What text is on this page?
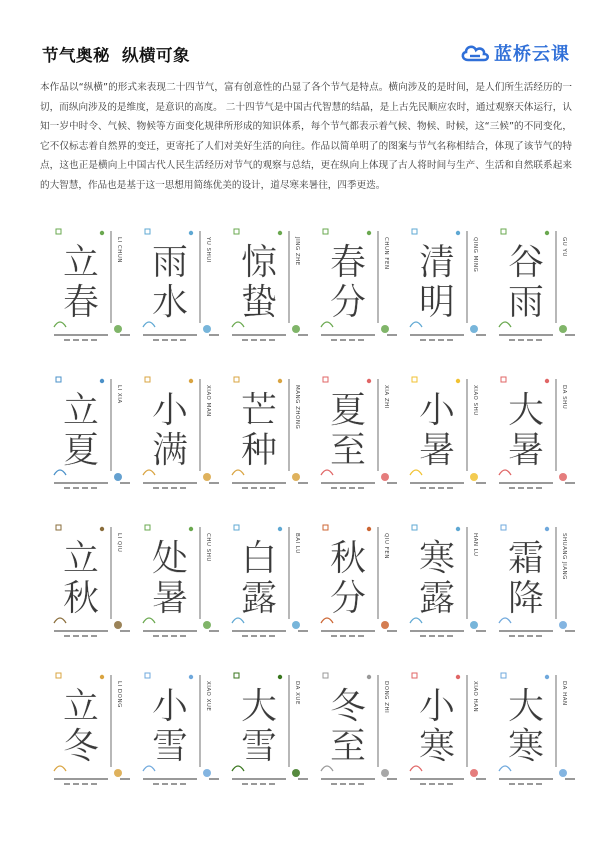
节气奥秘 纵横可象	蓝桥云课
本作品以“纵横”的形式来表现二十四节气，富有创意性的凸显了各个节气是特点。横向涉及的是时间，是人们所生活经历的一切，而纵向涉及的是维度，是意识的高度。 二十四节气是中国古代智慧的结晶，是上古先民顺应农时，通过观察天体运行，认知一岁中时令、气候、物候等方面变化规律所形成的知识体系，每个节气都表示着气候、物候、时候，这“三候”的不同变化，它不仅标志着自然界的变迁，更寄托了人们对美好生活的向往。作品以简单明了的图案与节气名称相结合，体现了该节气的特点，这也正是横向上中国古代人民生活经历对节气的观察与总结，更在纵向上体现了古人将时间与生产、生活和自然联系起来的大智慧，作品也是基于这一思想用简练优美的设计，道尽寒来暑往，四季更迭。
立
春
LI CHUN 雨
水
YU SHUI 惊
蛰
JING ZHE 春
分
CHUN FEN 清
明
QING MING 谷
雨
GU YU
立
夏
LI XIA 小
满
XIAO MAN 芒
种
MANG ZHONG 夏
至
XIA ZHI 小
暑
XIAO SHU 大
暑
DA SHU
立
秋
LI QIU 处
暑
CHU SHU 白
露
BAI LU 秋
分
QIU FEN 寒
露
HAN LU 霜
降
SHUANG JIANG
立
冬
LI DONG 小
雪
XIAO XUE 大
雪
DA XUE 冬
至
DONG ZHI 小
寒
XIAO HAN 大
寒
DA HAN
